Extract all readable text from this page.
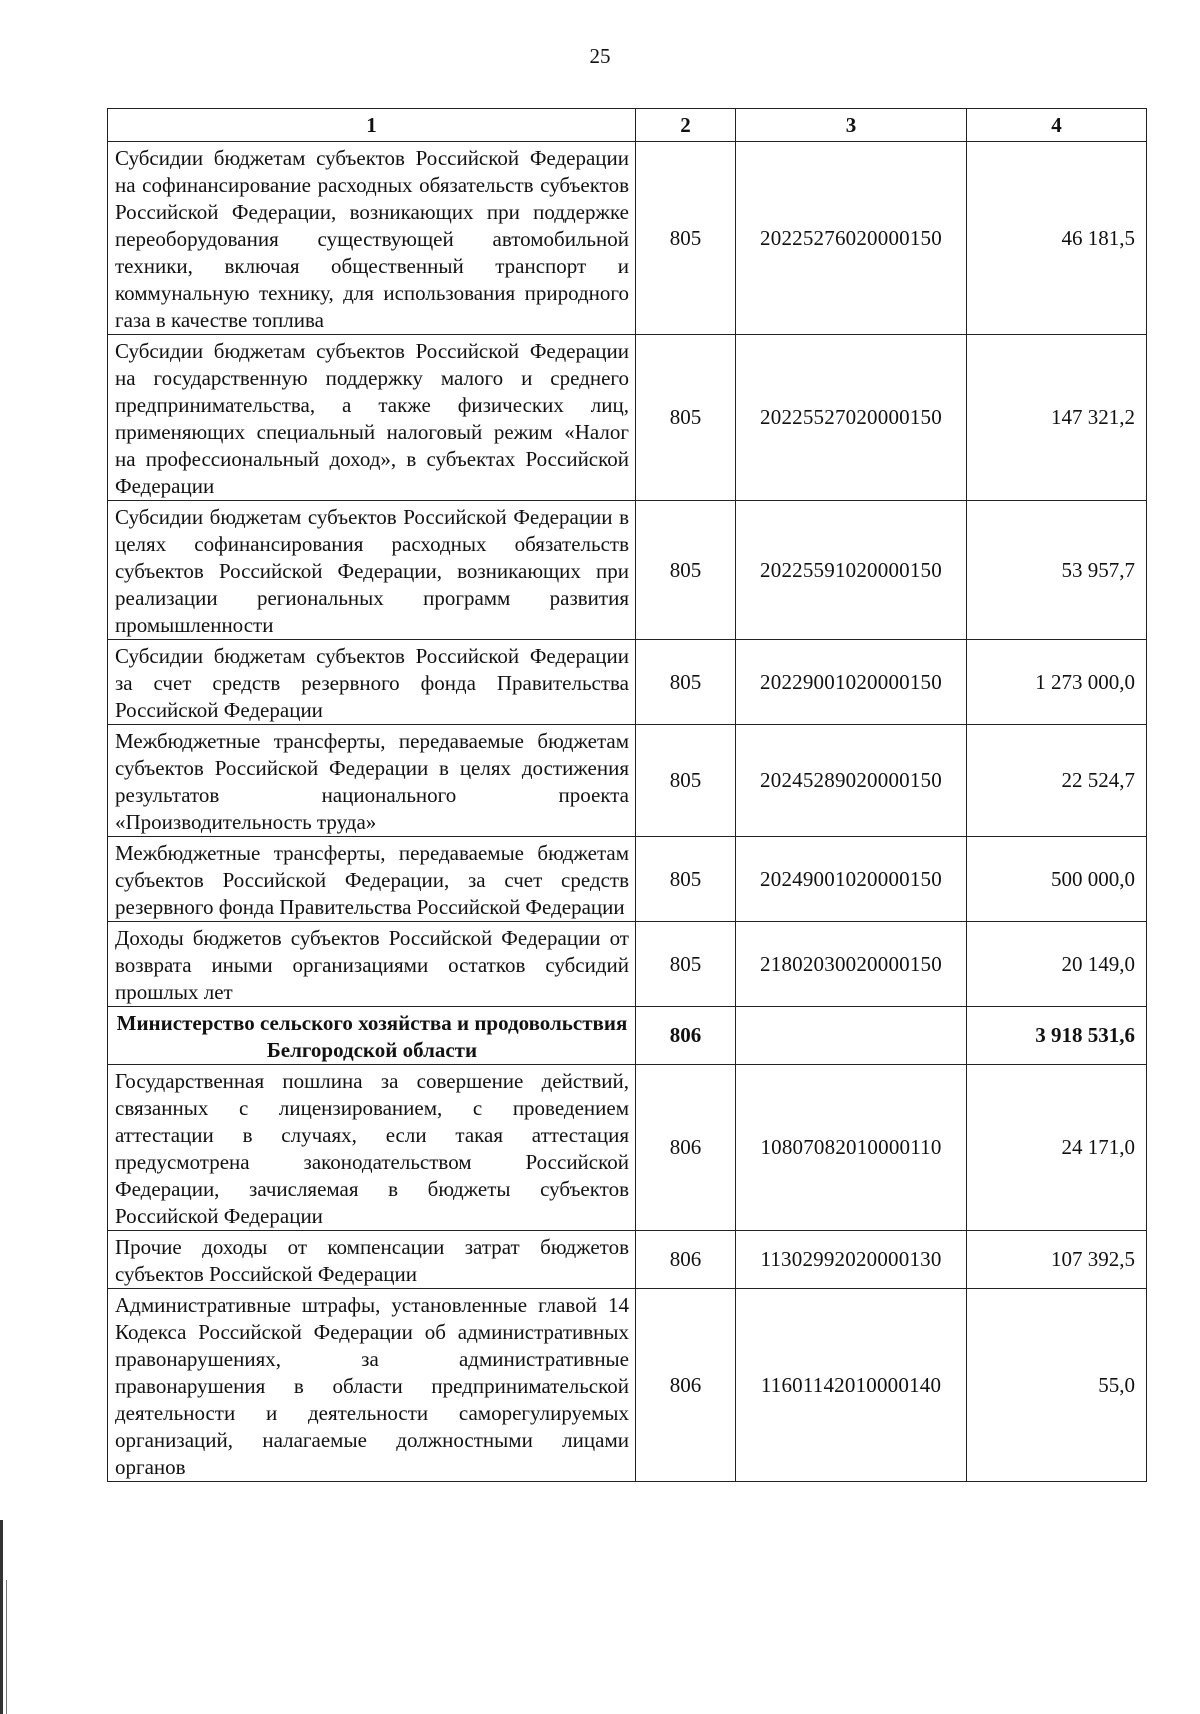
25
1	2	3	4
Субсидии бюджетам субъектов Российской Федерации на софинансирование расходных обязательств субъектов Российской Федерации, возникающих при поддержке переоборудования существующей автомобильной техники, включая общественный транспорт и коммунальную технику, для использования природного газа в качестве топлива	805	20225276020000150	46 181,5
Субсидии бюджетам субъектов Российской Федерации на государственную поддержку малого и среднего предпринимательства, а также физических лиц, применяющих специальный налоговый режим «Налог на профессиональный доход», в субъектах Российской Федерации	805	20225527020000150	147 321,2
Субсидии бюджетам субъектов Российской Федерации в целях софинансирования расходных обязательств субъектов Российской Федерации, возникающих при реализации региональных программ развития промышленности	805	20225591020000150	53 957,7
Субсидии бюджетам субъектов Российской Федерации за счет средств резервного фонда Правительства Российской Федерации	805	20229001020000150	1 273 000,0
Межбюджетные трансферты, передаваемые бюджетам субъектов Российской Федерации в целях достижения результатов национального проекта «Производительность труда»	805	20245289020000150	22 524,7
Межбюджетные трансферты, передаваемые бюджетам субъектов Российской Федерации, за счет средств резервного фонда Правительства Российской Федерации	805	20249001020000150	500 000,0
Доходы бюджетов субъектов Российской Федерации от возврата иными организациями остатков субсидий прошлых лет	805	21802030020000150	20 149,0
Министерство сельского хозяйства и продовольствия Белгородской области	806		3 918 531,6
Государственная пошлина за совершение действий, связанных с лицензированием, с проведением аттестации в случаях, если такая аттестация предусмотрена законодательством Российской Федерации, зачисляемая в бюджеты субъектов Российской Федерации	806	10807082010000110	24 171,0
Прочие доходы от компенсации затрат бюджетов субъектов Российской Федерации	806	11302992020000130	107 392,5
Административные штрафы, установленные главой 14 Кодекса Российской Федерации об административных правонарушениях, за административные правонарушения в области предпринимательской деятельности и деятельности саморегулируемых организаций, налагаемые должностными лицами органов	806	11601142010000140	55,0
